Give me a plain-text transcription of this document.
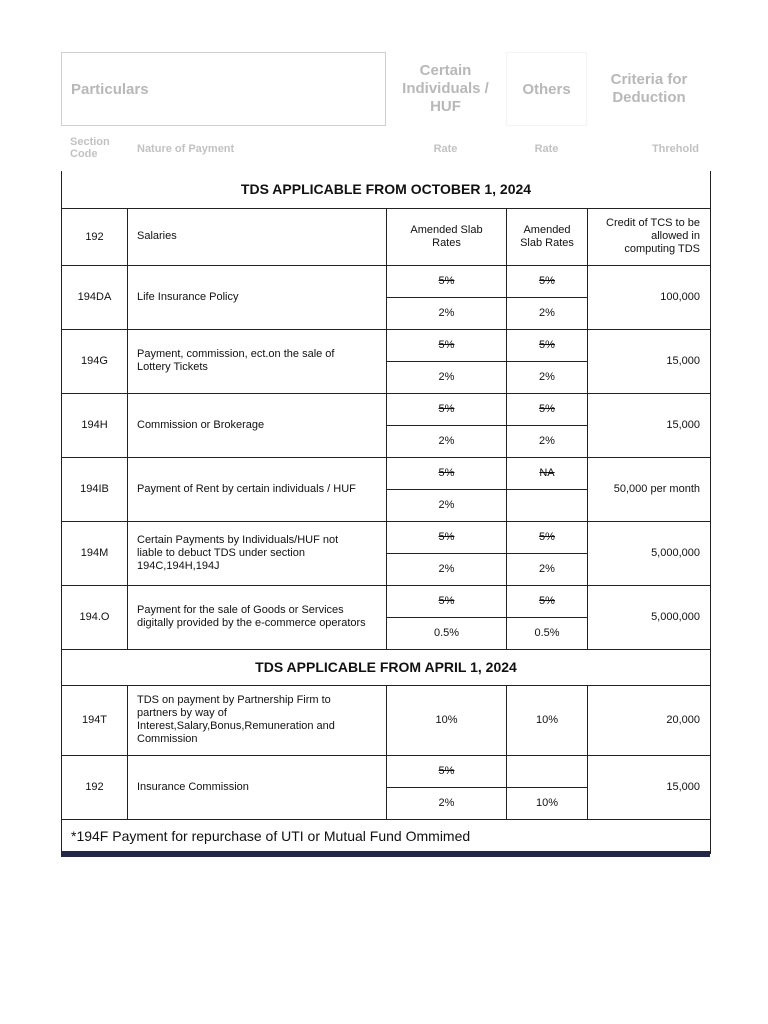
Particulars
Certain Individuals / HUF
Others
Criteria for Deduction
Section Code	Nature of Payment	Rate	Rate	Threhold
TDS APPLICABLE FROM OCTOBER 1, 2024				
192	Salaries	Amended Slab Rates	Amended Slab Rates	Credit of TCS to be allowed in computing TDS
194DA	Life Insurance Policy	5%	5%	100,000
		2%	2%	
194G	Payment, commission, ect.on the sale of Lottery Tickets	5%	5%	15,000
		2%	2%	
194H	Commission or Brokerage	5%	5%	15,000
		2%	2%	
194IB	Payment of Rent by certain individuals / HUF	5%	NA	50,000 per month
		2%		
194M	Certain Payments by Individuals/HUF not liable to debuct TDS under section 194C,194H,194J	5%	5%	5,000,000
		2%	2%	
194.O	Payment for the sale of Goods or Services digitally provided by the e-commerce operators	5%	5%	5,000,000
		0.5%	0.5%	
TDS APPLICABLE FROM APRIL 1, 2024				
194T	TDS on payment by Partnership Firm to partners by way of Interest,Salary,Bonus,Remuneration and Commission	10%	10%	20,000
192	Insurance Commission	5%		15,000
		2%	10%	
*194F Payment for repurchase of UTI or Mutual Fund Ommimed				
